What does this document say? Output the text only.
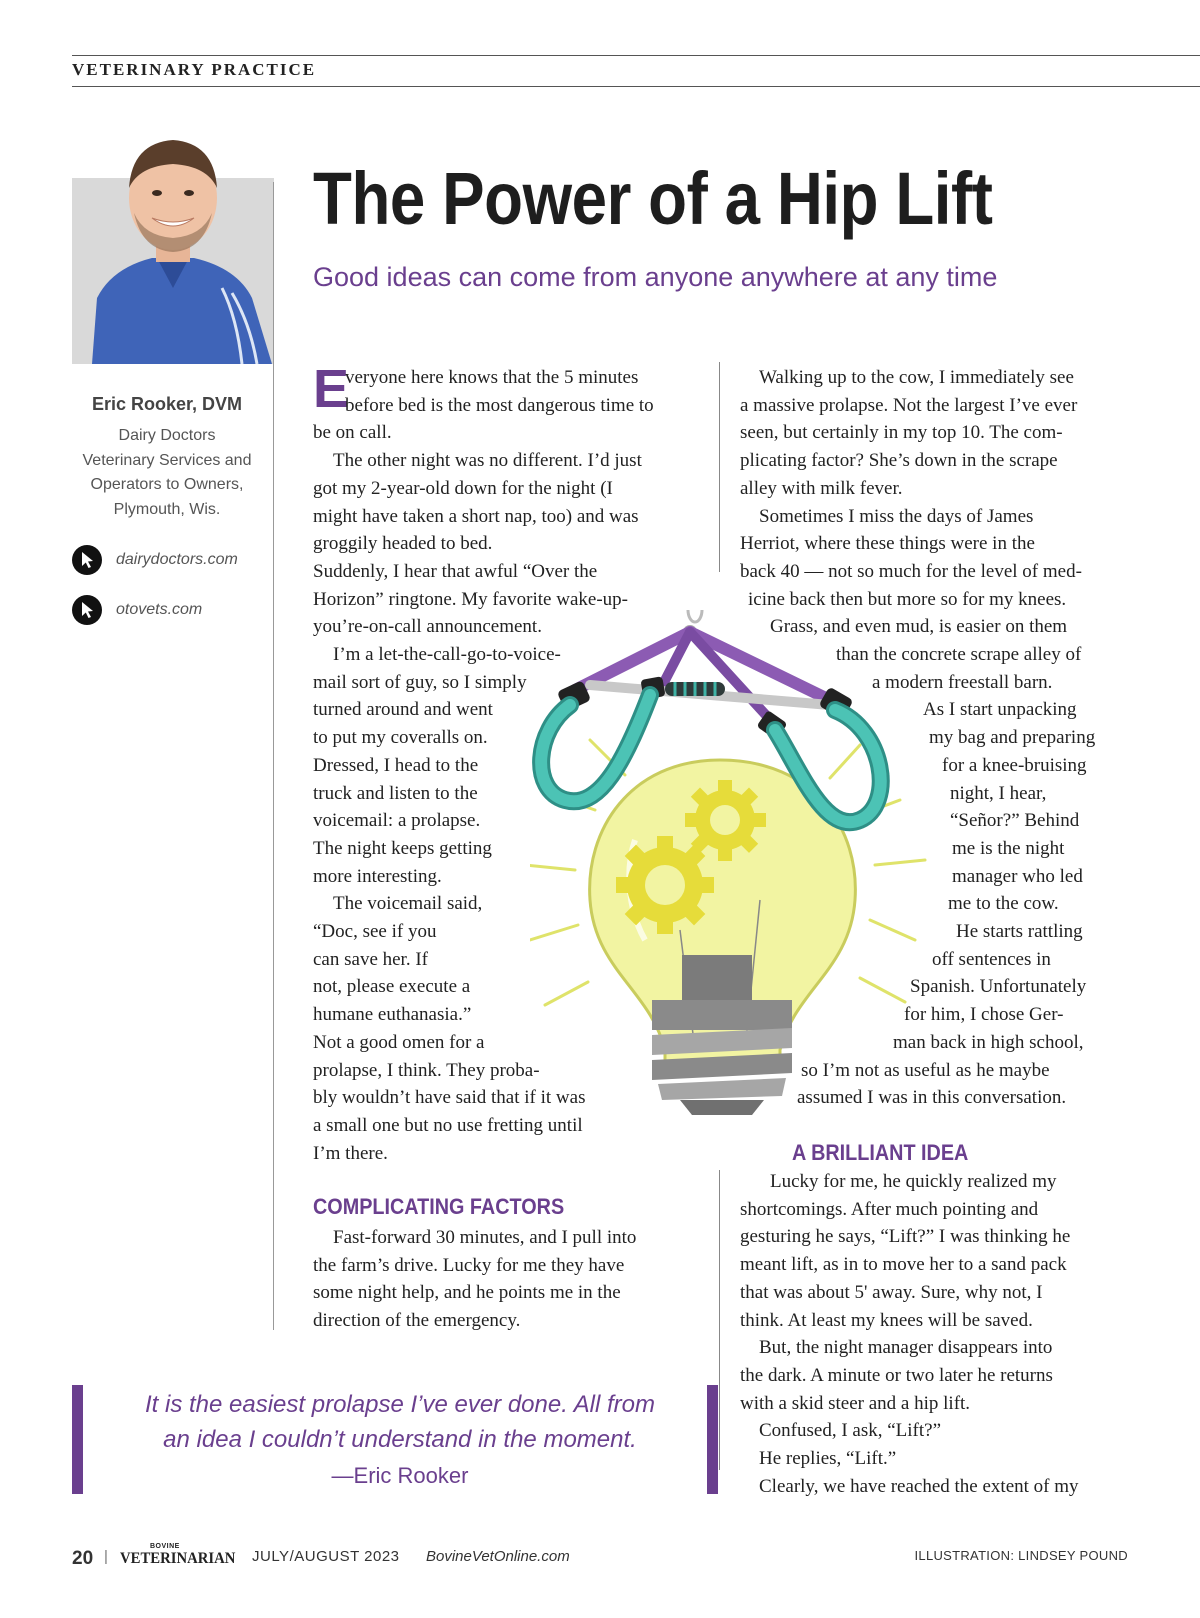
VETERINARY PRACTICE
Eric Rooker, DVM
Dairy Doctors
Veterinary Services and
Operators to Owners,
Plymouth, Wis.
dairydoctors.com
otovets.com
The Power of a Hip Lift
Good ideas can come from anyone anywhere at any time
E
veryone here knows that the 5 minutes
before bed is the most dangerous time to
be on call.
The other night was no different. I’d just
got my 2-year-old down for the night (I
might have taken a short nap, too) and was
groggily headed to bed.
Suddenly, I hear that awful “Over the
Horizon” ringtone. My favorite wake-up-
you’re-on-call announcement.
I’m a let-the-call-go-to-voice-
mail sort of guy, so I simply
turned around and went
to put my coveralls on.
Dressed, I head to the
truck and listen to the
voicemail: a prolapse.
The night keeps getting
more interesting.
The voicemail said,
“Doc, see if you
can save her. If
not, please execute a
humane euthanasia.”
Not a good omen for a
prolapse, I think. They proba-
bly wouldn’t have said that if it was
a small one but no use fretting until
I’m there.
COMPLICATING FACTORS
Fast-forward 30 minutes, and I pull into
the farm’s drive. Lucky for me they have
some night help, and he points me in the
direction of the emergency.
Walking up to the cow, I immediately see
a massive prolapse. Not the largest I’ve ever
seen, but certainly in my top 10. The com-
plicating factor? She’s down in the scrape
alley with milk fever.
Sometimes I miss the days of James
Herriot, where these things were in the
back 40 — not so much for the level of med-
icine back then but more so for my knees.
Grass, and even mud, is easier on them
than the concrete scrape alley of
a modern freestall barn.
As I start unpacking
my bag and preparing
for a knee-bruising
night, I hear,
“Señor?” Behind
me is the night
manager who led
me to the cow.
He starts rattling
off sentences in
Spanish. Unfortunately
for him, I chose Ger-
man back in high school,
so I’m not as useful as he maybe
assumed I was in this conversation.
A BRILLIANT IDEA
Lucky for me, he quickly realized my
shortcomings. After much pointing and
gesturing he says, “Lift?” I was thinking he
meant lift, as in to move her to a sand pack
that was about 5' away. Sure, why not, I
think. At least my knees will be saved.
But, the night manager disappears into
the dark. A minute or two later he returns
with a skid steer and a hip lift.
Confused, I ask, “Lift?”
He replies, “Lift.”
Clearly, we have reached the extent of my
It is the easiest prolapse I’ve ever done. All from
an idea I couldn’t understand in the moment.
—Eric Rooker
20 |
BOVINE
VETERINARIAN JULY/AUGUST 2023 BovineVetOnline.com	ILLUSTRATION: LINDSEY POUND
